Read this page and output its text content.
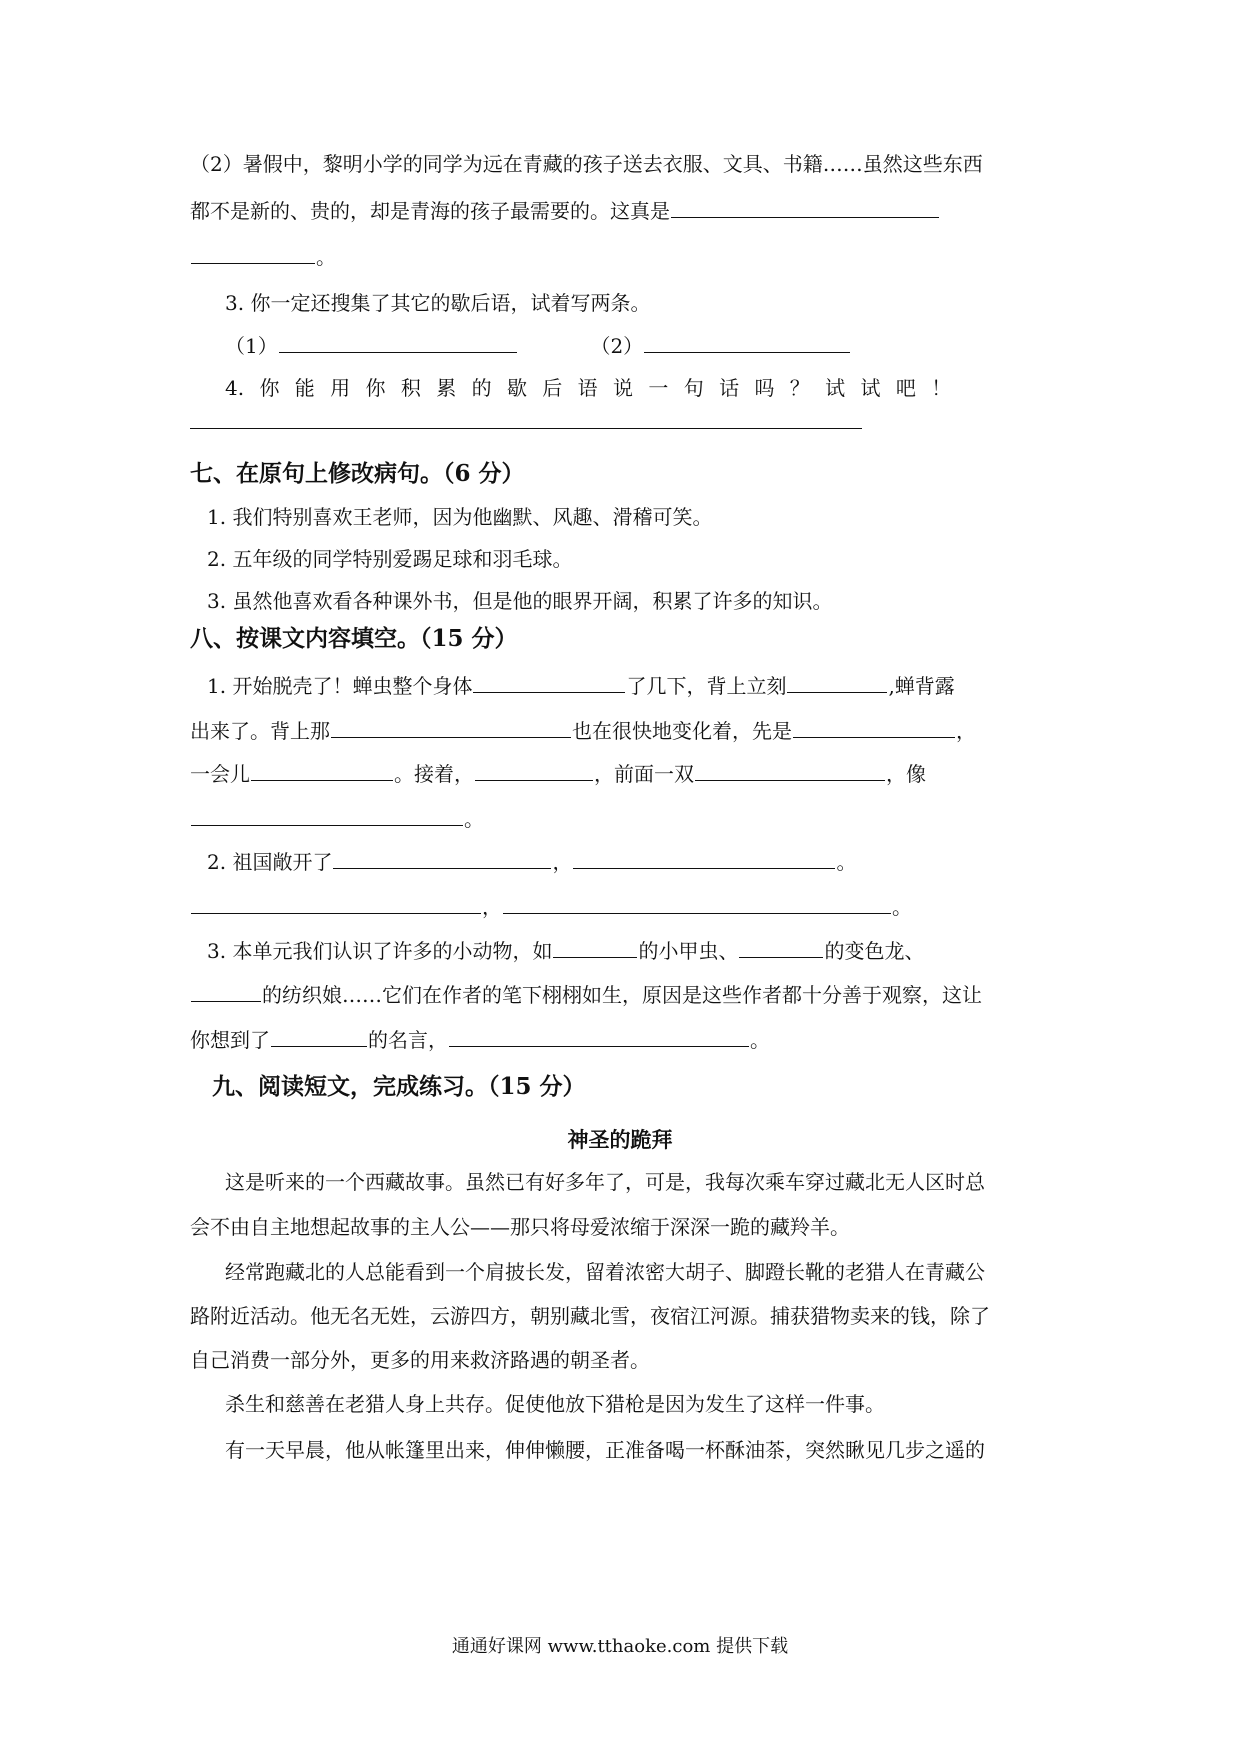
（2）暑假中，黎明小学的同学为远在青藏的孩子送去衣服、文具、书籍……虽然这些东西
都不是新的、贵的，却是青海的孩子最需要的。这真是
。
3. 你一定还搜集了其它的歇后语，试着写两条。
（1）	（2）
4. 你 能 用 你 积 累 的 歇 后 语 说 一 句 话 吗 ？ 试 试 吧 ！
七、在原句上修改病句。（6 分）
1. 我们特别喜欢王老师，因为他幽默、风趣、滑稽可笑。
2. 五年级的同学特别爱踢足球和羽毛球。
3. 虽然他喜欢看各种课外书，但是他的眼界开阔，积累了许多的知识。
八、按课文内容填空。（15 分）
1. 开始脱壳了！蝉虫整个身体	了几下，背上立刻	,蝉背露
出来了。背上那	也在很快地变化着，先是	，
一会儿	。接着，	，前面一双	，像
。
2. 祖国敞开了	，	。
，	。
3. 本单元我们认识了许多的小动物，如	的小甲虫、	的变色龙、
的纺织娘……它们在作者的笔下栩栩如生，原因是这些作者都十分善于观察，这让
你想到了	的名言，	。
九、阅读短文，完成练习。（15 分）
神圣的跪拜
这是听来的一个西藏故事。虽然已有好多年了，可是，我每次乘车穿过藏北无人区时总
会不由自主地想起故事的主人公——那只将母爱浓缩于深深一跪的藏羚羊。
经常跑藏北的人总能看到一个肩披长发，留着浓密大胡子、脚蹬长靴的老猎人在青藏公
路附近活动。他无名无姓，云游四方，朝别藏北雪，夜宿江河源。捕获猎物卖来的钱，除了
自己消费一部分外，更多的用来救济路遇的朝圣者。
杀生和慈善在老猎人身上共存。促使他放下猎枪是因为发生了这样一件事。
有一天早晨，他从帐篷里出来，伸伸懒腰，正准备喝一杯酥油茶，突然瞅见几步之遥的
通通好课网 www.tthaoke.com 提供下载
